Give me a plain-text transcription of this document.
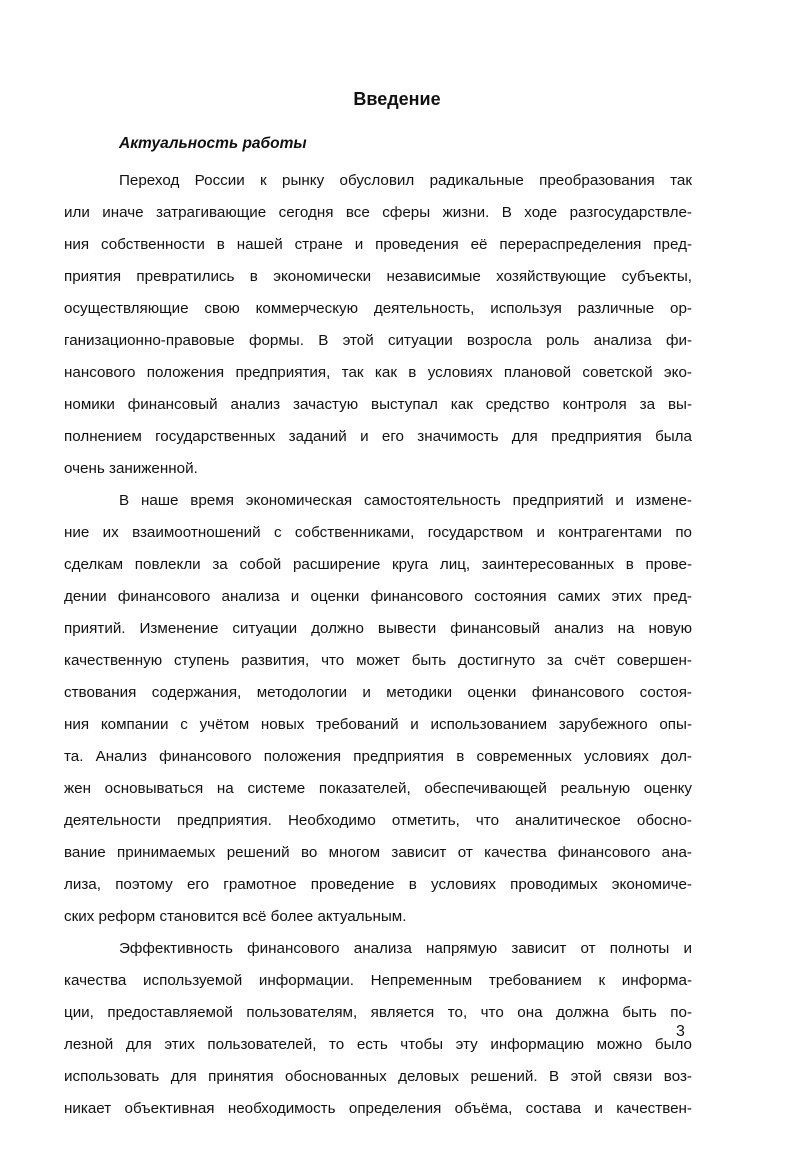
Введение
Актуальность работы
Переход России к рынку обусловил радикальные преобразования так
или иначе затрагивающие сегодня все сферы жизни. В ходе разгосударствле-
ния собственности в нашей стране и проведения её перераспределения пред-
приятия превратились в экономически независимые хозяйствующие субъекты,
осуществляющие свою коммерческую деятельность, используя различные ор-
ганизационно-правовые формы. В этой ситуации возросла роль анализа фи-
нансового положения предприятия, так как в условиях плановой советской эко-
номики финансовый анализ зачастую выступал как средство контроля за вы-
полнением государственных заданий и его значимость для предприятия была
очень заниженной.
В наше время экономическая самостоятельность предприятий и измене-
ние их взаимоотношений с собственниками, государством и контрагентами по
сделкам повлекли за собой расширение круга лиц, заинтересованных в прове-
дении финансового анализа и оценки финансового состояния самих этих пред-
приятий. Изменение ситуации должно вывести финансовый анализ на новую
качественную ступень развития, что может быть достигнуто за счёт совершен-
ствования содержания, методологии и методики оценки финансового состоя-
ния компании с учётом новых требований и использованием зарубежного опы-
та. Анализ финансового положения предприятия в современных условиях дол-
жен основываться на системе показателей, обеспечивающей реальную оценку
деятельности предприятия. Необходимо отметить, что аналитическое обосно-
вание принимаемых решений во многом зависит от качества финансового ана-
лиза, поэтому его грамотное проведение в условиях проводимых экономиче-
ских реформ становится всё более актуальным.
Эффективность финансового анализа напрямую зависит от полноты и
качества используемой информации. Непременным требованием к информа-
ции, предоставляемой пользователям, является то, что она должна быть по-
лезной для этих пользователей, то есть чтобы эту информацию можно было
использовать для принятия обоснованных деловых решений. В этой связи воз-
никает объективная необходимость определения объёма, состава и качествен-
3
